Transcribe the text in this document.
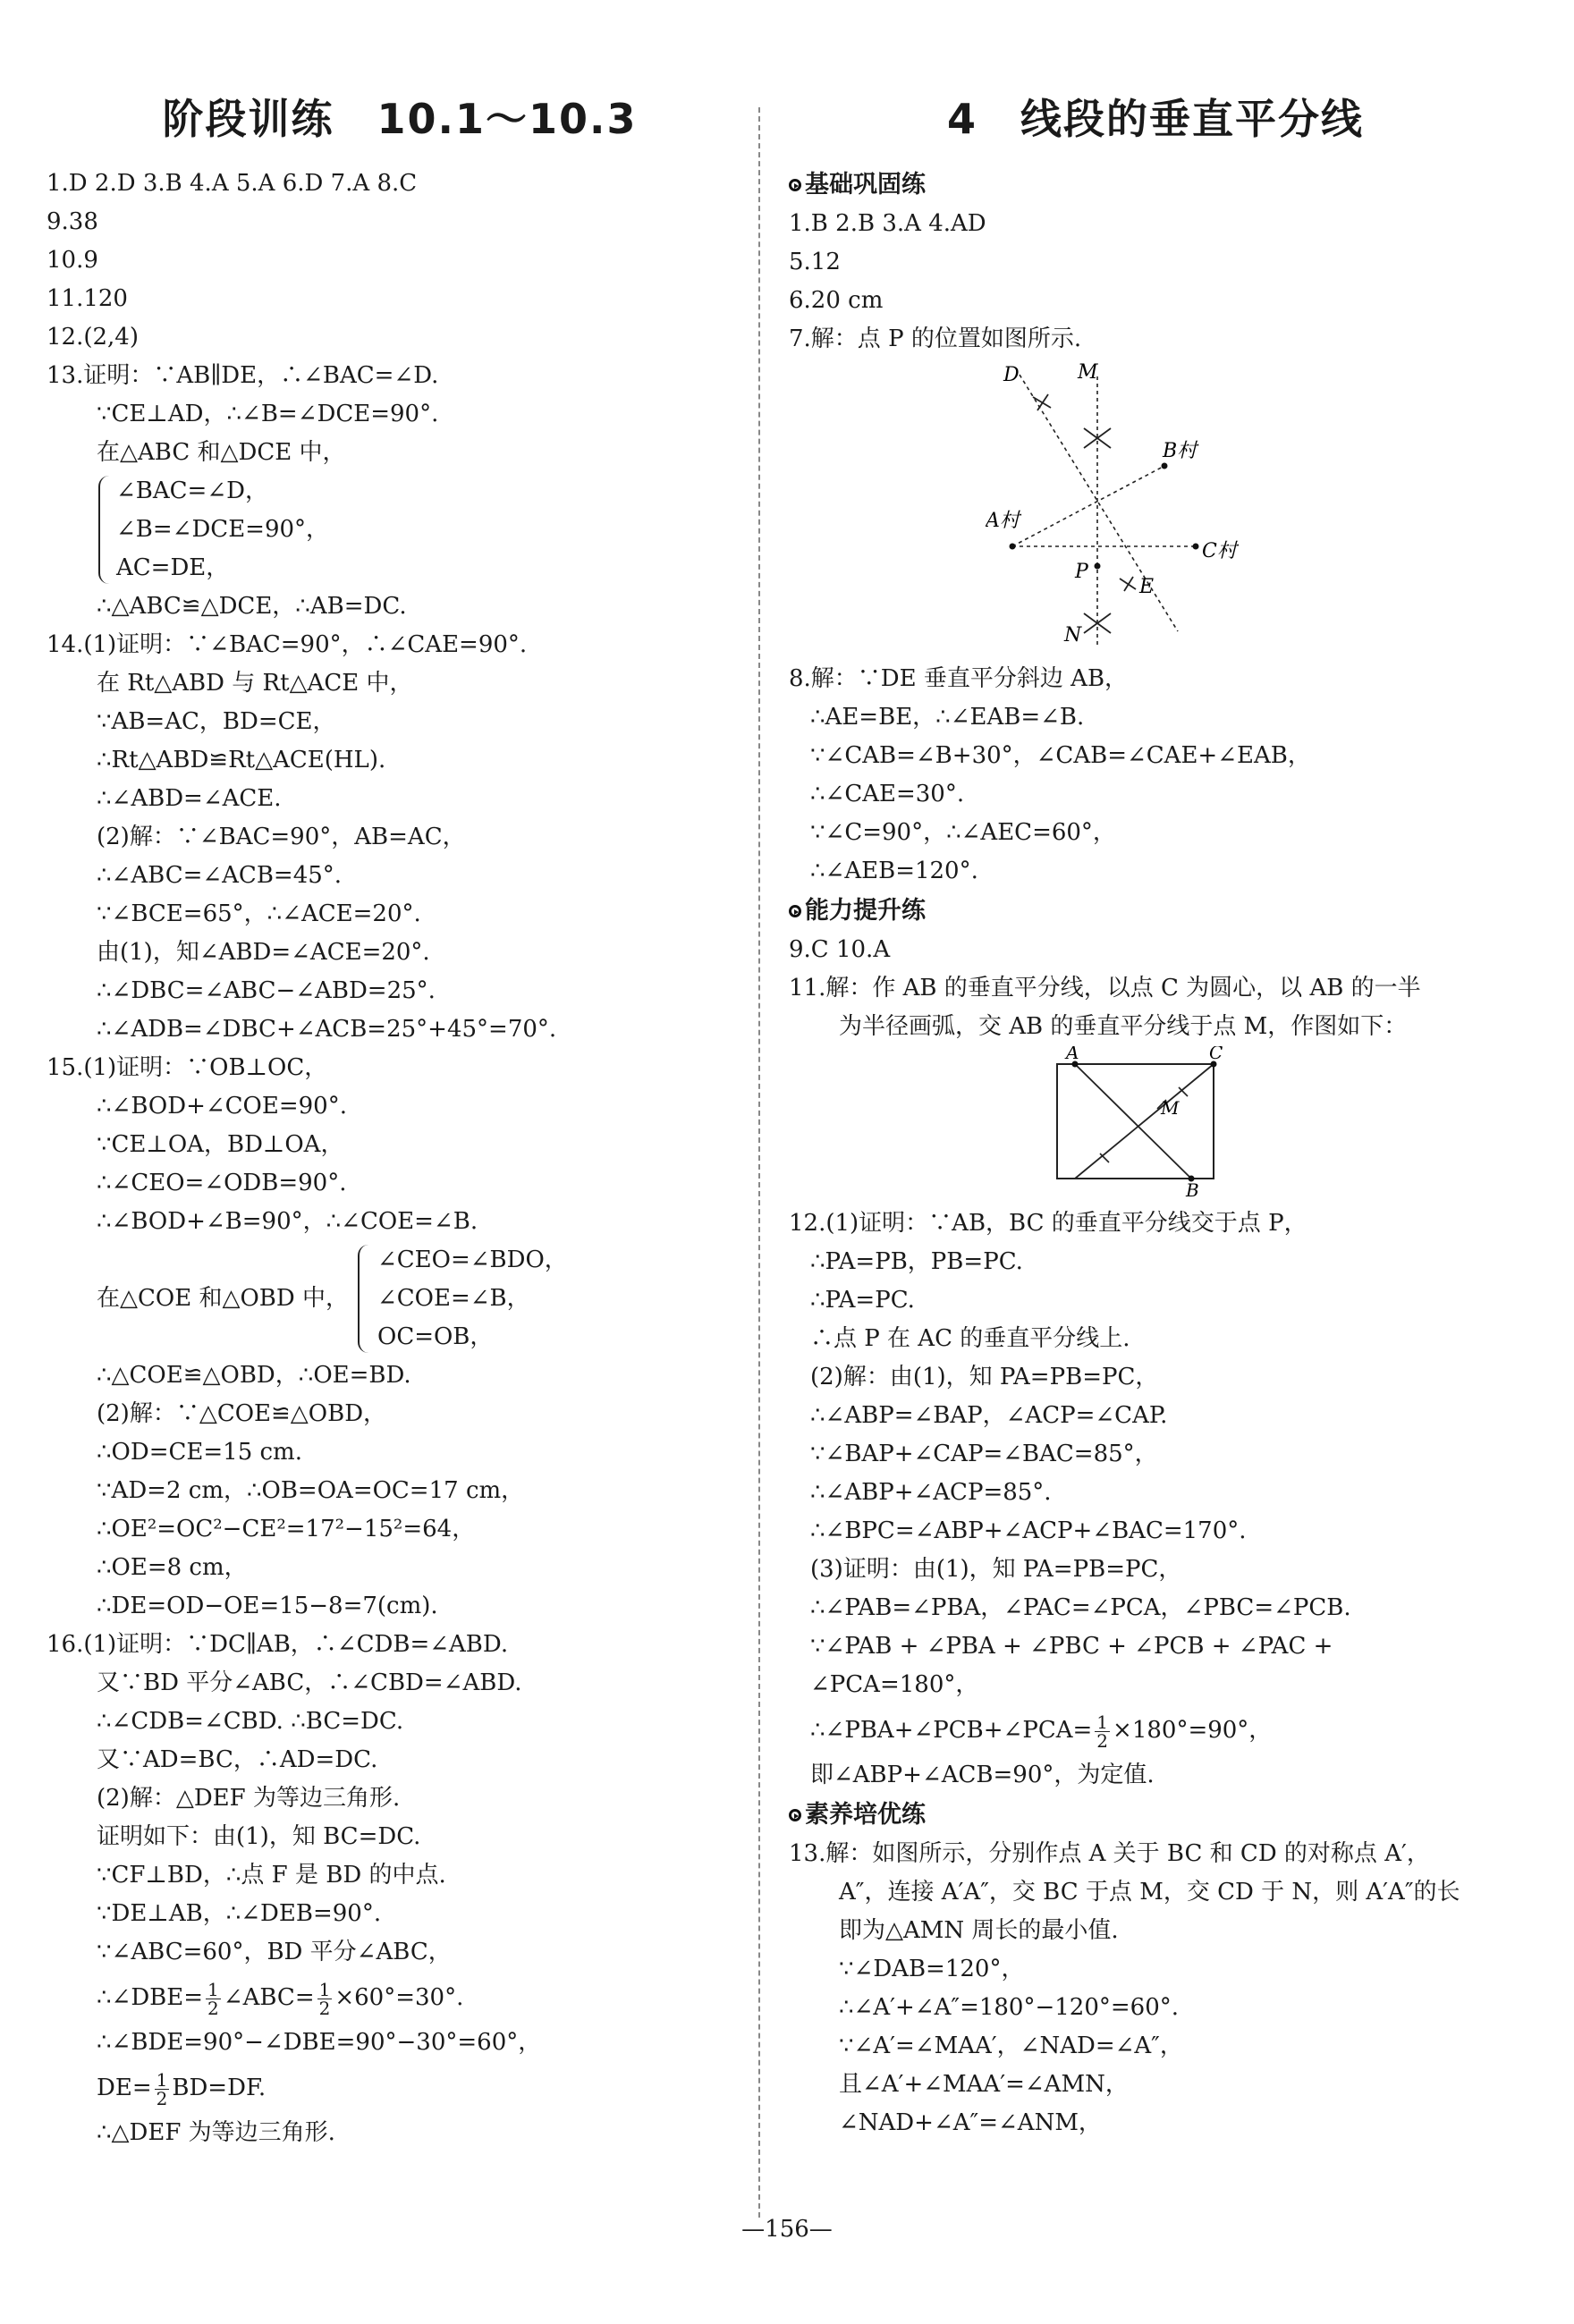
阶段训练　10.1～10.3
1.D 2.D 3.B 4.A 5.A 6.D 7.A 8.C
9.38
10.9
11.120
12.(2,4)
13.证明：∵AB∥DE，∴∠BAC=∠D.
∵CE⊥AD，∴∠B=∠DCE=90°.
在△ABC 和△DCE 中，
∠BAC=∠D，
∠B=∠DCE=90°，
AC=DE，
∴△ABC≌△DCE，∴AB=DC.
14.(1)证明：∵∠BAC=90°，∴∠CAE=90°.
在 Rt△ABD 与 Rt△ACE 中，
∵AB=AC，BD=CE，
∴Rt△ABD≌Rt△ACE(HL).
∴∠ABD=∠ACE.
(2)解：∵∠BAC=90°，AB=AC，
∴∠ABC=∠ACB=45°.
∵∠BCE=65°，∴∠ACE=20°.
由(1)，知∠ABD=∠ACE=20°.
∴∠DBC=∠ABC−∠ABD=25°.
∴∠ADB=∠DBC+∠ACB=25°+45°=70°.
15.(1)证明：∵OB⊥OC，
∴∠BOD+∠COE=90°.
∵CE⊥OA，BD⊥OA，
∴∠CEO=∠ODB=90°.
∴∠BOD+∠B=90°，∴∠COE=∠B.
∠CEO=∠BDO，
在△COE 和△OBD 中， ∠COE=∠B，
OC=OB，
∴△COE≌△OBD，∴OE=BD.
(2)解：∵△COE≌△OBD，
∴OD=CE=15 cm.
∵AD=2 cm，∴OB=OA=OC=17 cm，
∴OE²=OC²−CE²=17²−15²=64，
∴OE=8 cm，
∴DE=OD−OE=15−8=7(cm).
16.(1)证明：∵DC∥AB，∴∠CDB=∠ABD.
又∵BD 平分∠ABC，∴∠CBD=∠ABD.
∴∠CDB=∠CBD. ∴BC=DC.
又∵AD=BC，∴AD=DC.
(2)解：△DEF 为等边三角形.
证明如下：由(1)，知 BC=DC.
∵CF⊥BD，∴点 F 是 BD 的中点.
∵DE⊥AB，∴∠DEB=90°.
∵∠ABC=60°，BD 平分∠ABC，
∴∠DBE= $\frac{1}{2}$ ∠ABC= $\frac{1}{2} \times 60^\circ=30^\circ$.
∴∠BDE=90°−∠DBE=90°−30°=60°，
$DE= \frac{1}{2} BD=DF$.
∴△DEF 为等边三角形.
4　线段的垂直平分线
基础巩固练
1.B 2.B 3.A 4.AD
5.12
6.20 cm
7.解：点 P 的位置如图所示.
D	M
B村
A村
C村
P
E
N
8.解：∵DE 垂直平分斜边 AB，
∴AE=BE，∴∠EAB=∠B.
∵∠CAB=∠B+30°，∠CAB=∠CAE+∠EAB，
∴∠CAE=30°.
∵∠C=90°，∴∠AEC=60°，
∴∠AEB=120°.
能力提升练
9.C 10.A
11.解：作 AB 的垂直平分线，以点 C 为圆心，以 AB 的一半
为半径画弧，交 AB 的垂直平分线于点 M，作图如下：
A	C
M
B
12.(1)证明：∵AB，BC 的垂直平分线交于点 P，
∴PA=PB，PB=PC.
∴PA=PC.
∴点 P 在 AC 的垂直平分线上.
(2)解：由(1)，知 PA=PB=PC，
∴∠ABP=∠BAP，∠ACP=∠CAP.
∵∠BAP+∠CAP=∠BAC=85°，
∴∠ABP+∠ACP=85°.
∴∠BPC=∠ABP+∠ACP+∠BAC=170°.
(3)证明：由(1)，知 PA=PB=PC，
∴∠PAB=∠PBA，∠PAC=∠PCA，∠PBC=∠PCB.
∵∠PAB + ∠PBA + ∠PBC + ∠PCB + ∠PAC +
∠PCA=180°，
∴∠PBA+∠PCB+∠PCA= $\frac{1}{2} \times 180^\circ=90^\circ$，
即∠ABP+∠ACB=90°，为定值.
素养培优练
13.解：如图所示，分别作点 A 关于 BC 和 CD 的对称点 A′，
A″，连接 A′A″，交 BC 于点 M，交 CD 于 N，则 A′A″的长
即为△AMN 周长的最小值.
∵∠DAB=120°，
∴∠A′+∠A″=180°−120°=60°.
∵∠A′=∠MAA′，∠NAD=∠A″，
且∠A′+∠MAA′=∠AMN，
∠NAD+∠A″=∠ANM，
—156—
